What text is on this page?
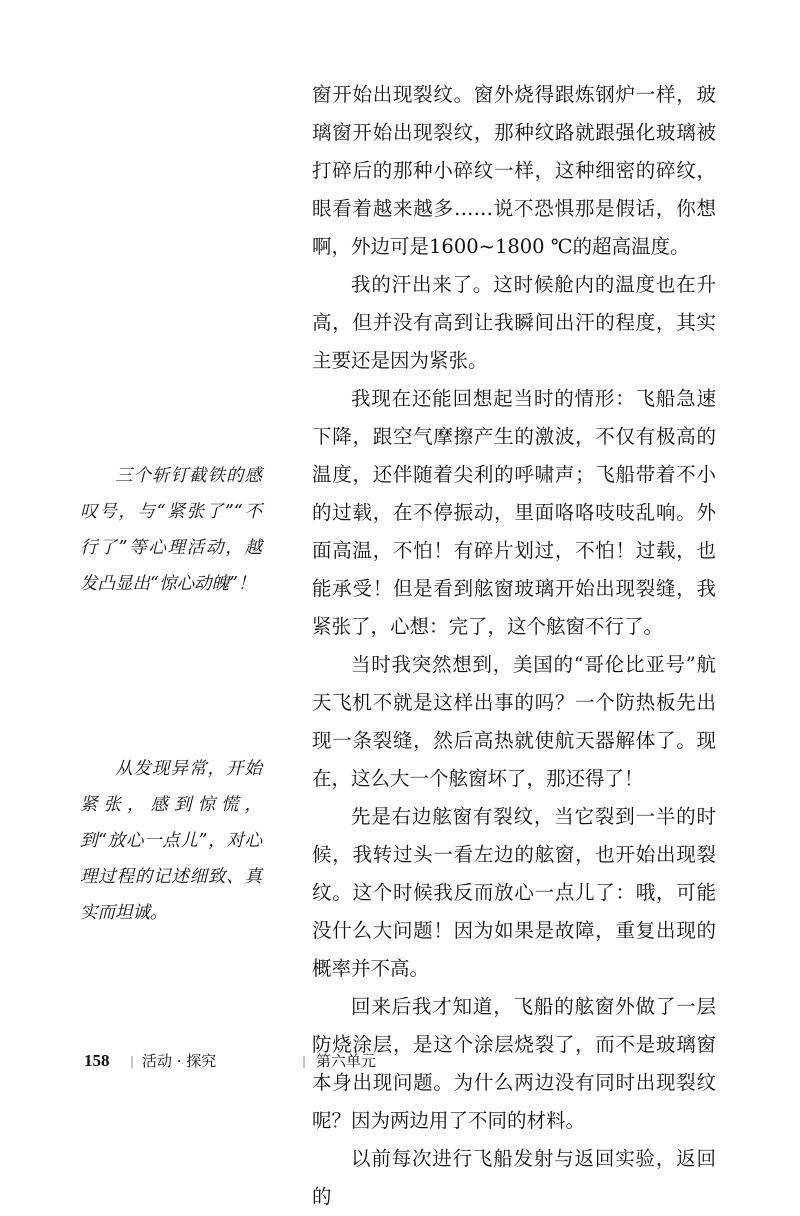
窗开始出现裂纹。窗外烧得跟炼钢炉一样，玻璃窗开始出现裂纹，那种纹路就跟强化玻璃被打碎后的那种小碎纹一样，这种细密的碎纹，眼看着越来越多……说不恐惧那是假话，你想啊，外边可是1600~1800 ℃的超高温度。

我的汗出来了。这时候舱内的温度也在升高，但并没有高到让我瞬间出汗的程度，其实主要还是因为紧张。

我现在还能回想起当时的情形：飞船急速下降，跟空气摩擦产生的激波，不仅有极高的温度，还伴随着尖利的呼啸声；飞船带着不小的过载，在不停振动，里面咯咯吱吱乱响。外面高温，不怕！有碎片划过，不怕！过载，也能承受！但是看到舷窗玻璃开始出现裂缝，我紧张了，心想：完了，这个舷窗不行了。

当时我突然想到，美国的“哥伦比亚号”航天飞机不就是这样出事的吗？一个防热板先出现一条裂缝，然后高热就使航天器解体了。现在，这么大一个舷窗坏了，那还得了！

先是右边舷窗有裂纹，当它裂到一半的时候，我转过头一看左边的舷窗，也开始出现裂纹。这个时候我反而放心一点儿了：哦，可能没什么大问题！因为如果是故障，重复出现的概率并不高。

回来后我才知道，飞船的舷窗外做了一层防烧涂层，是这个涂层烧裂了，而不是玻璃窗本身出现问题。为什么两边没有同时出现裂纹呢？因为两边用了不同的材料。

以前每次进行飞船发射与返回实验，返回的

三个斩钉截铁的感叹号，与“紧张了”“不行了”等心理活动，越发凸显出“惊心动魄”！

从发现异常，开始紧张，感到惊慌，到“放心一点儿”，对心理过程的记述细致、真实而坦诚。

158 | 活动 · 探究	| 第六单元
